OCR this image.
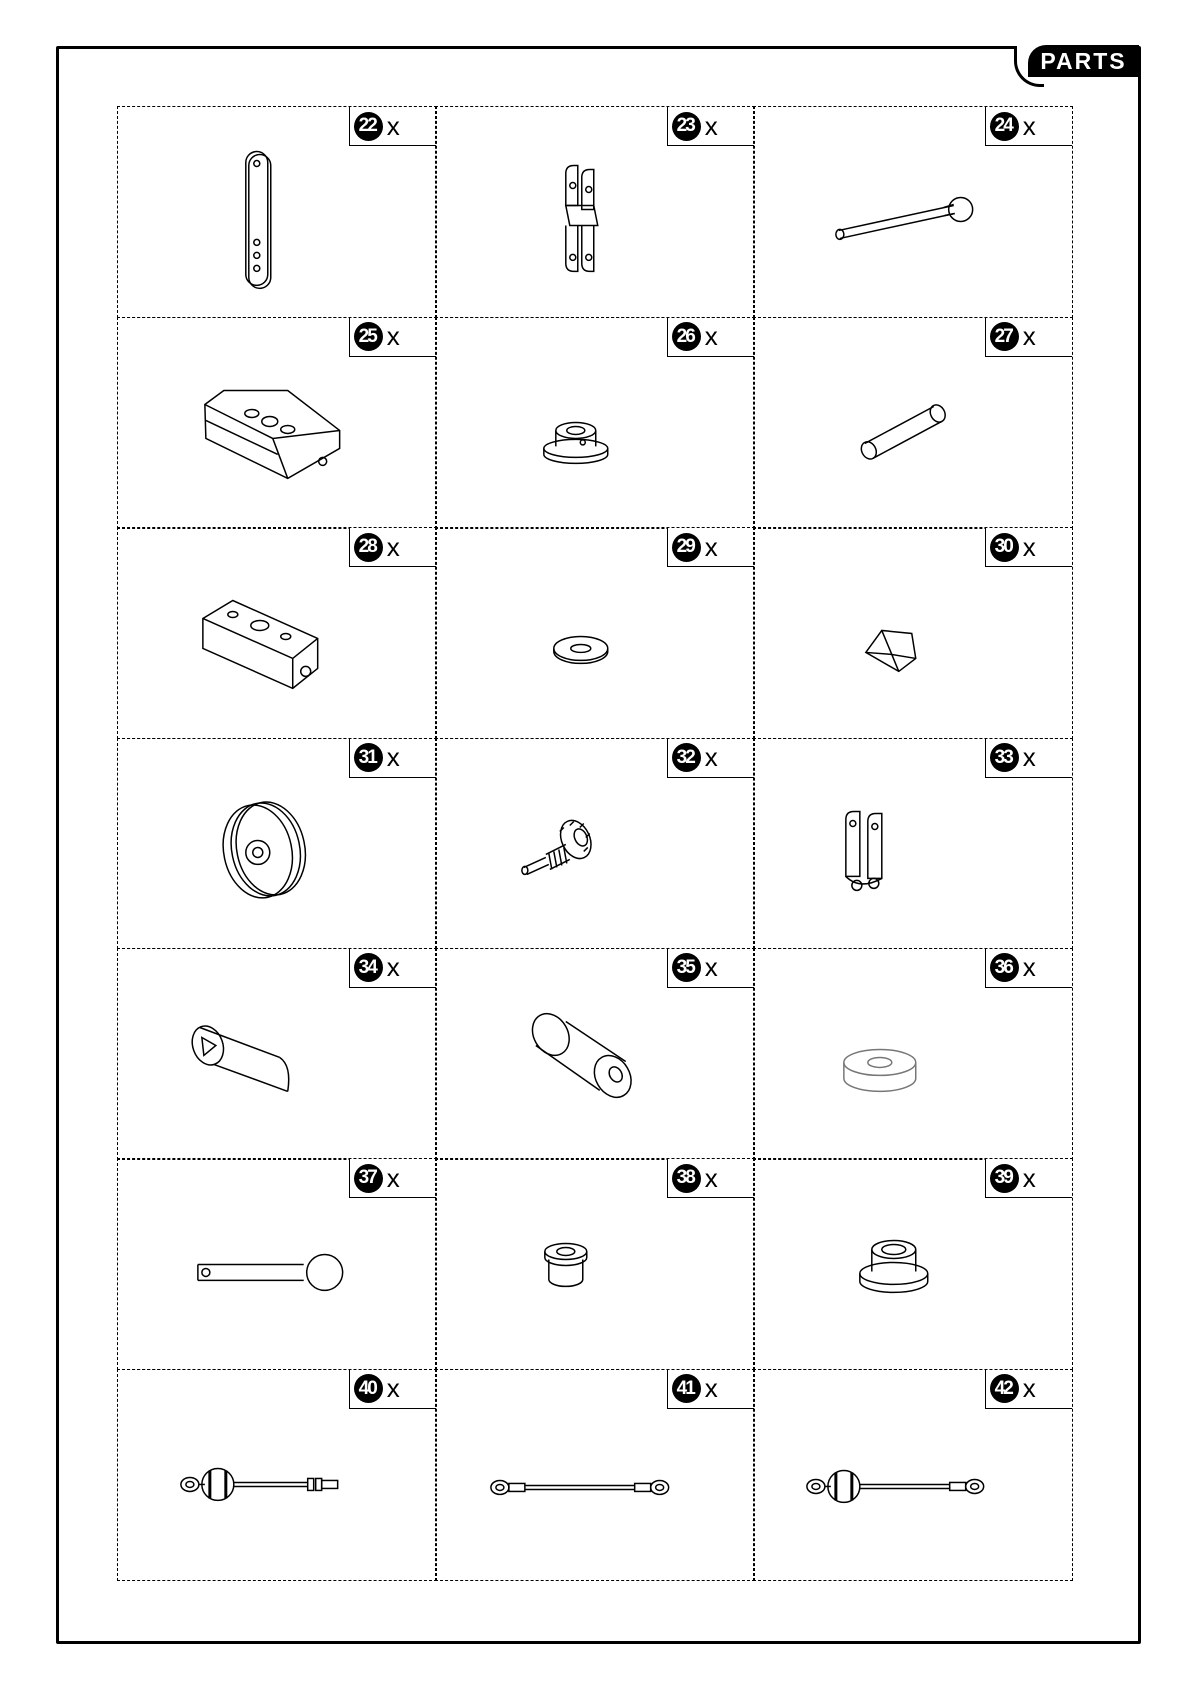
PARTS
22 x	23 x	24 x
25 x	26 x	27 x
28 x	29 x	30 x
31 x	32 x	33 x
34 x	35 x	36 x
37 x	38 x	39 x
40 x	41 x	42 x
